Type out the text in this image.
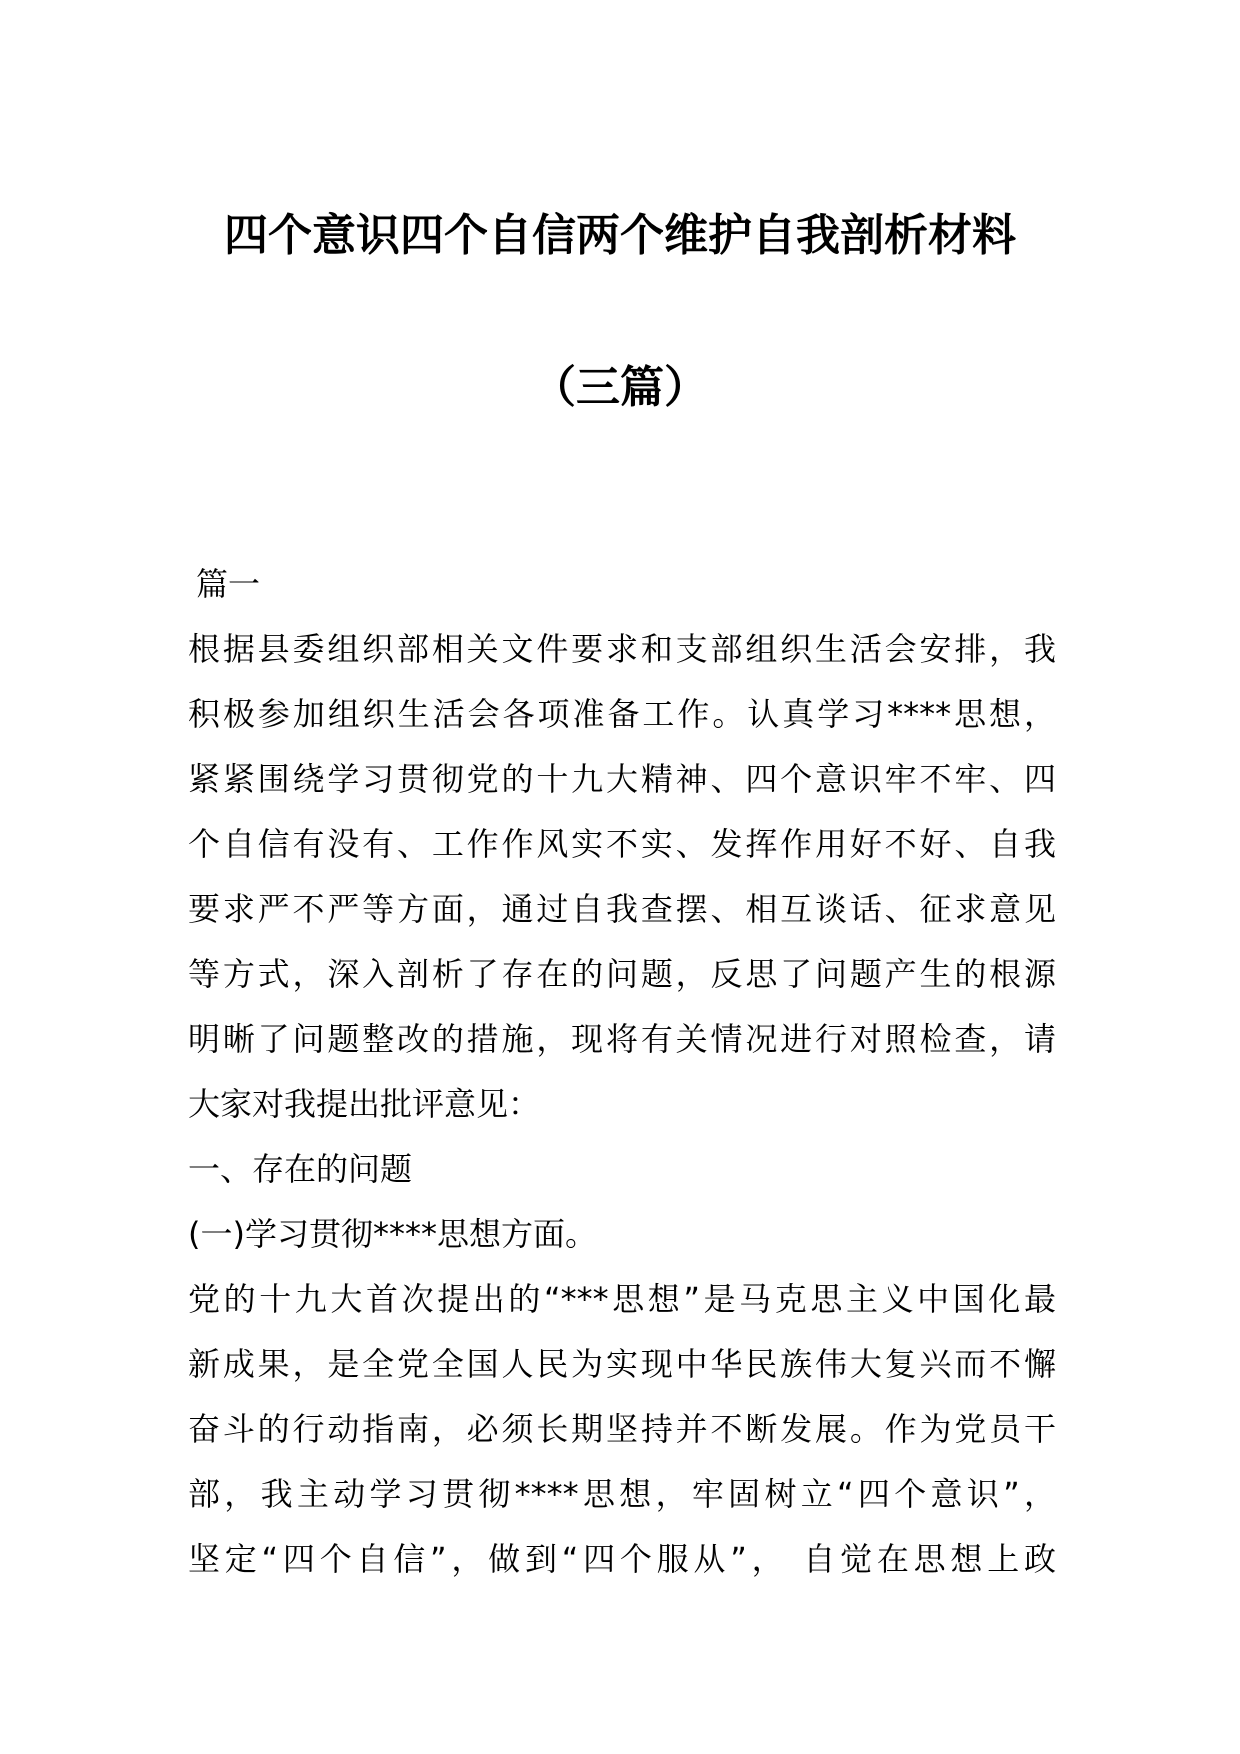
四个意识四个自信两个维护自我剖析材料
（三篇）
篇一
根据县委组织部相关文件要求和支部组织生活会安排，我
积极参加组织生活会各项准备工作。认真学习****思想，
紧紧围绕学习贯彻党的十九大精神、四个意识牢不牢、四
个自信有没有、工作作风实不实、发挥作用好不好、自我
要求严不严等方面，通过自我查摆、相互谈话、征求意见
等方式，深入剖析了存在的问题，反思了问题产生的根源
明晰了问题整改的措施，现将有关情况进行对照检查，请
大家对我提出批评意见：
一、存在的问题
(一)学习贯彻****思想方面。
党的十九大首次提出的“***思想”是马克思主义中国化最
新成果，是全党全国人民为实现中华民族伟大复兴而不懈
奋斗的行动指南，必须长期坚持并不断发展。作为党员干
部，我主动学习贯彻****思想，牢固树立“四个意识”，
坚定“四个自信”，做到“四个服从”， 自觉在思想上政
